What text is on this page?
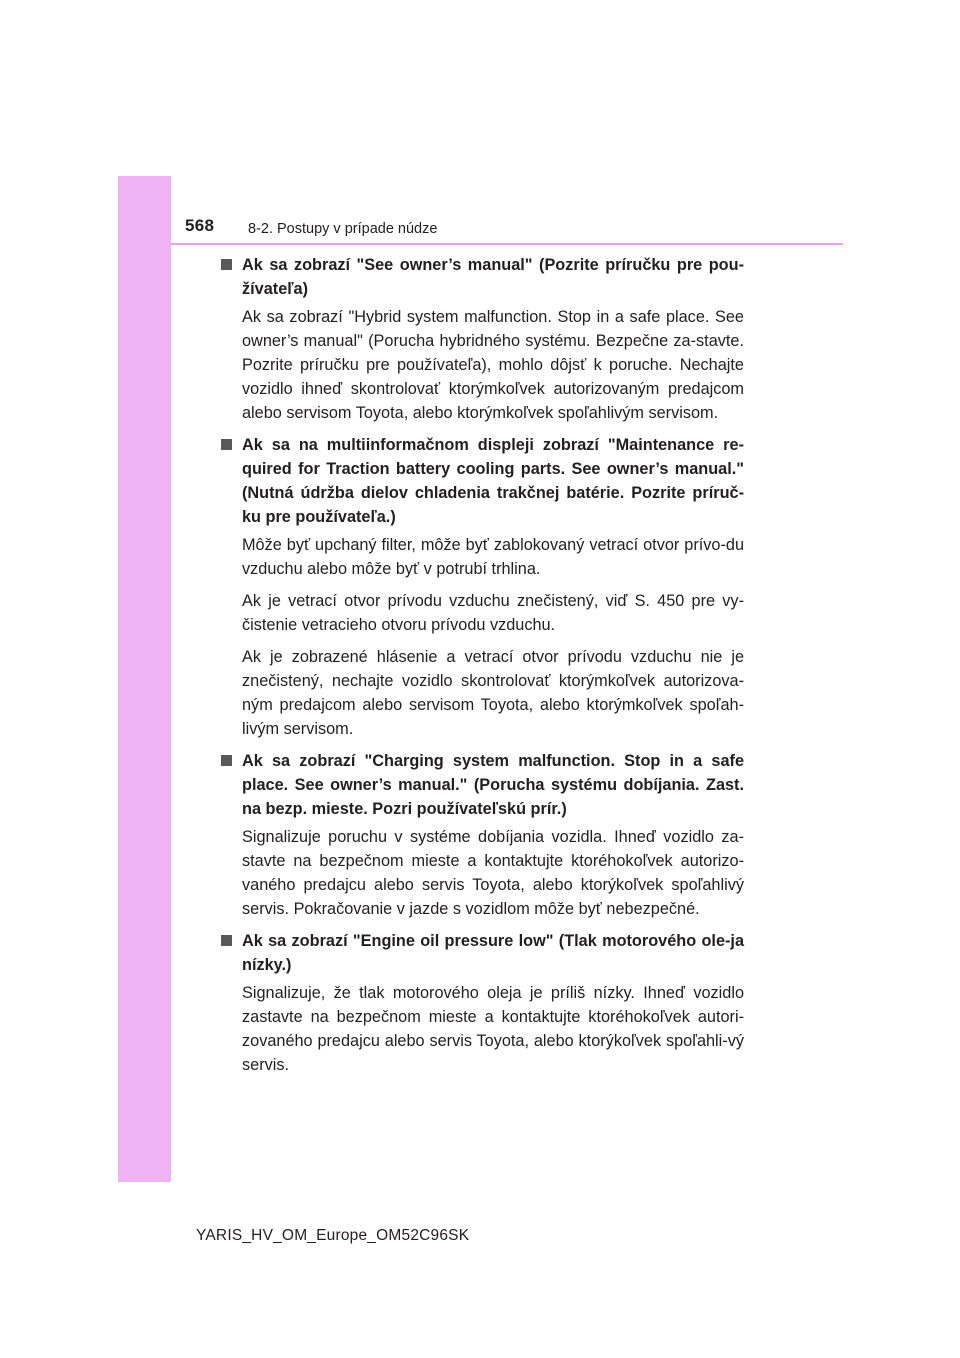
568 8-2. Postupy v prípade núdze
Ak sa zobrazí "See owner’s manual" (Pozrite príručku pre pou-žívateľa)

Ak sa zobrazí "Hybrid system malfunction. Stop in a safe place. See owner’s manual" (Porucha hybridného systému. Bezpečne za-stavte. Pozrite príručku pre používateľa), mohlo dôjsť k poruche. Nechajte vozidlo ihneď skontrolovať ktorýmkoľvek autorizovaným predajcom alebo servisom Toyota, alebo ktorýmkoľvek spoľahlivým servisom.

Ak sa na multiinformačnom displeji zobrazí "Maintenance re-quired for Traction battery cooling parts. See owner’s manual." (Nutná údržba dielov chladenia trakčnej batérie. Pozrite príruč-ku pre používateľa.)

Môže byť upchaný filter, môže byť zablokovaný vetrací otvor prívo-du vzduchu alebo môže byť v potrubí trhlina.

Ak je vetrací otvor prívodu vzduchu znečistený, viď S. 450 pre vy-čistenie vetracieho otvoru prívodu vzduchu.

Ak je zobrazené hlásenie a vetrací otvor prívodu vzduchu nie je znečistený, nechajte vozidlo skontrolovať ktorýmkoľvek autorizova-ným predajcom alebo servisom Toyota, alebo ktorýmkoľvek spoľah-livým servisom.

Ak sa zobrazí "Charging system malfunction. Stop in a safe place. See owner’s manual." (Porucha systému dobíjania. Zast. na bezp. mieste. Pozri používateľskú prír.)

Signalizuje poruchu v systéme dobíjania vozidla. Ihneď vozidlo za-stavte na bezpečnom mieste a kontaktujte ktoréhokoľvek autorizo-vaného predajcu alebo servis Toyota, alebo ktorýkoľvek spoľahlivý servis. Pokračovanie v jazde s vozidlom môže byť nebezpečné.

Ak sa zobrazí "Engine oil pressure low" (Tlak motorového ole-ja nízky.)

Signalizuje, že tlak motorového oleja je príliš nízky. Ihneď vozidlo zastavte na bezpečnom mieste a kontaktujte ktoréhokoľvek autori-zovaného predajcu alebo servis Toyota, alebo ktorýkoľvek spoľahli-vý servis.

YARIS_HV_OM_Europe_OM52C96SK
